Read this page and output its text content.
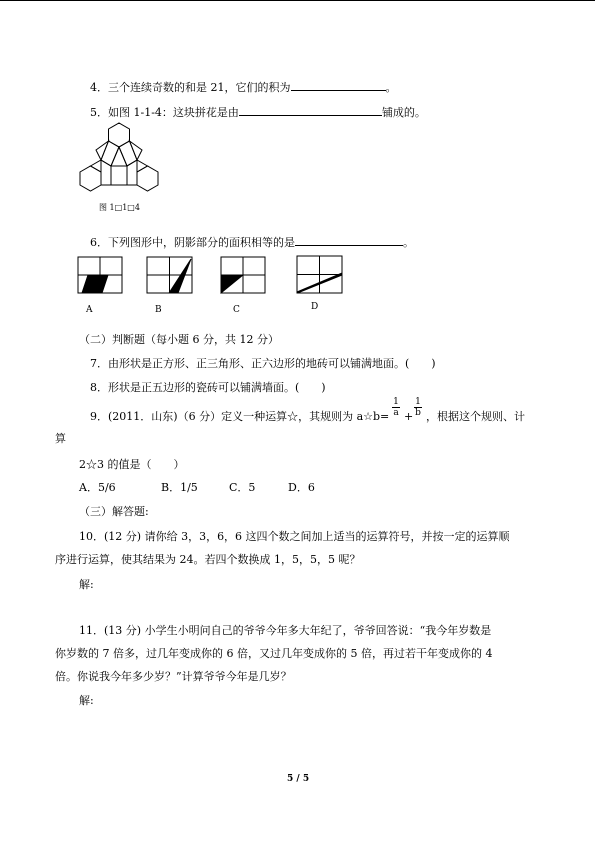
4．三个连续奇数的和是 21，它们的积为	。
5．如图 1-1-4：这块拼花是由	铺成的。
图 1□1□4
6．下列图形中，阴影部分的面积相等的是	。
A	B	C	D
（二）判断题（每小题 6 分，共 12 分）
7．由形状是正方形、正三角形、正六边形的地砖可以铺满地面。(　　)
8．形状是正五边形的瓷砖可以铺满墙面。(　　)
9．(2011．山东)（6 分）定义一种运算☆，其规则为 a☆b= $\frac{1}{a} + \frac{1}{b}$ ，根据这个规则、计
算
2☆3 的值是（　　）
A．5/6	B．1/5	C．5	D．6
（三）解答题:
10．(12 分) 请你给 3，3，6，6 这四个数之间加上适当的运算符号，并按一定的运算顺
序进行运算，使其结果为 24。若四个数换成 1，5，5，5 呢？
解:
11．(13 分) 小学生小明问自己的爷爷今年多大年纪了，爷爷回答说：“我今年岁数是
你岁数的 7 倍多，过几年变成你的 6 倍，又过几年变成你的 5 倍，再过若干年变成你的 4
倍。你说我今年多少岁？”计算爷爷今年是几岁？
解:
5 / 5
